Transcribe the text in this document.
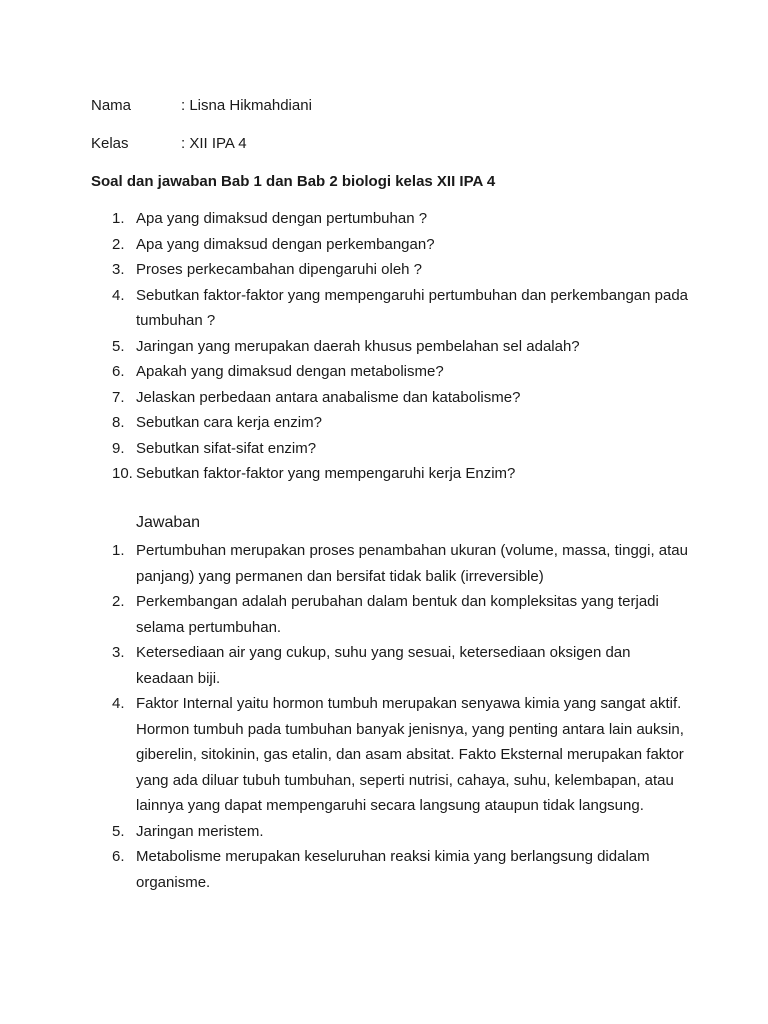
Nama	: Lisna Hikmahdiani
Kelas	: XII IPA 4
Soal dan jawaban Bab 1 dan Bab 2 biologi kelas XII IPA 4
1. Apa yang dimaksud dengan pertumbuhan ?
2. Apa yang dimaksud dengan perkembangan?
3. Proses perkecambahan dipengaruhi oleh ?
4. Sebutkan faktor-faktor yang mempengaruhi pertumbuhan dan perkembangan pada tumbuhan ?
5. Jaringan yang merupakan daerah khusus pembelahan sel adalah?
6. Apakah yang dimaksud dengan metabolisme?
7. Jelaskan perbedaan antara anabalisme dan katabolisme?
8. Sebutkan cara kerja enzim?
9. Sebutkan sifat-sifat enzim?
10. Sebutkan faktor-faktor yang mempengaruhi kerja Enzim?
Jawaban
1. Pertumbuhan merupakan proses penambahan ukuran (volume, massa, tinggi, atau panjang) yang permanen dan bersifat tidak balik (irreversible)
2. Perkembangan adalah perubahan dalam bentuk dan kompleksitas yang terjadi selama pertumbuhan.
3. Ketersediaan air yang cukup, suhu yang sesuai, ketersediaan oksigen dan keadaan biji.
4. Faktor Internal yaitu hormon tumbuh merupakan senyawa kimia yang sangat aktif. Hormon tumbuh pada tumbuhan banyak jenisnya, yang penting antara lain auksin, giberelin, sitokinin, gas etalin, dan asam absitat. Fakto Eksternal merupakan faktor yang ada diluar tubuh tumbuhan, seperti nutrisi, cahaya, suhu, kelembapan, atau lainnya yang dapat mempengaruhi secara langsung ataupun tidak langsung.
5. Jaringan meristem.
6. Metabolisme merupakan keseluruhan reaksi kimia yang berlangsung didalam organisme.
